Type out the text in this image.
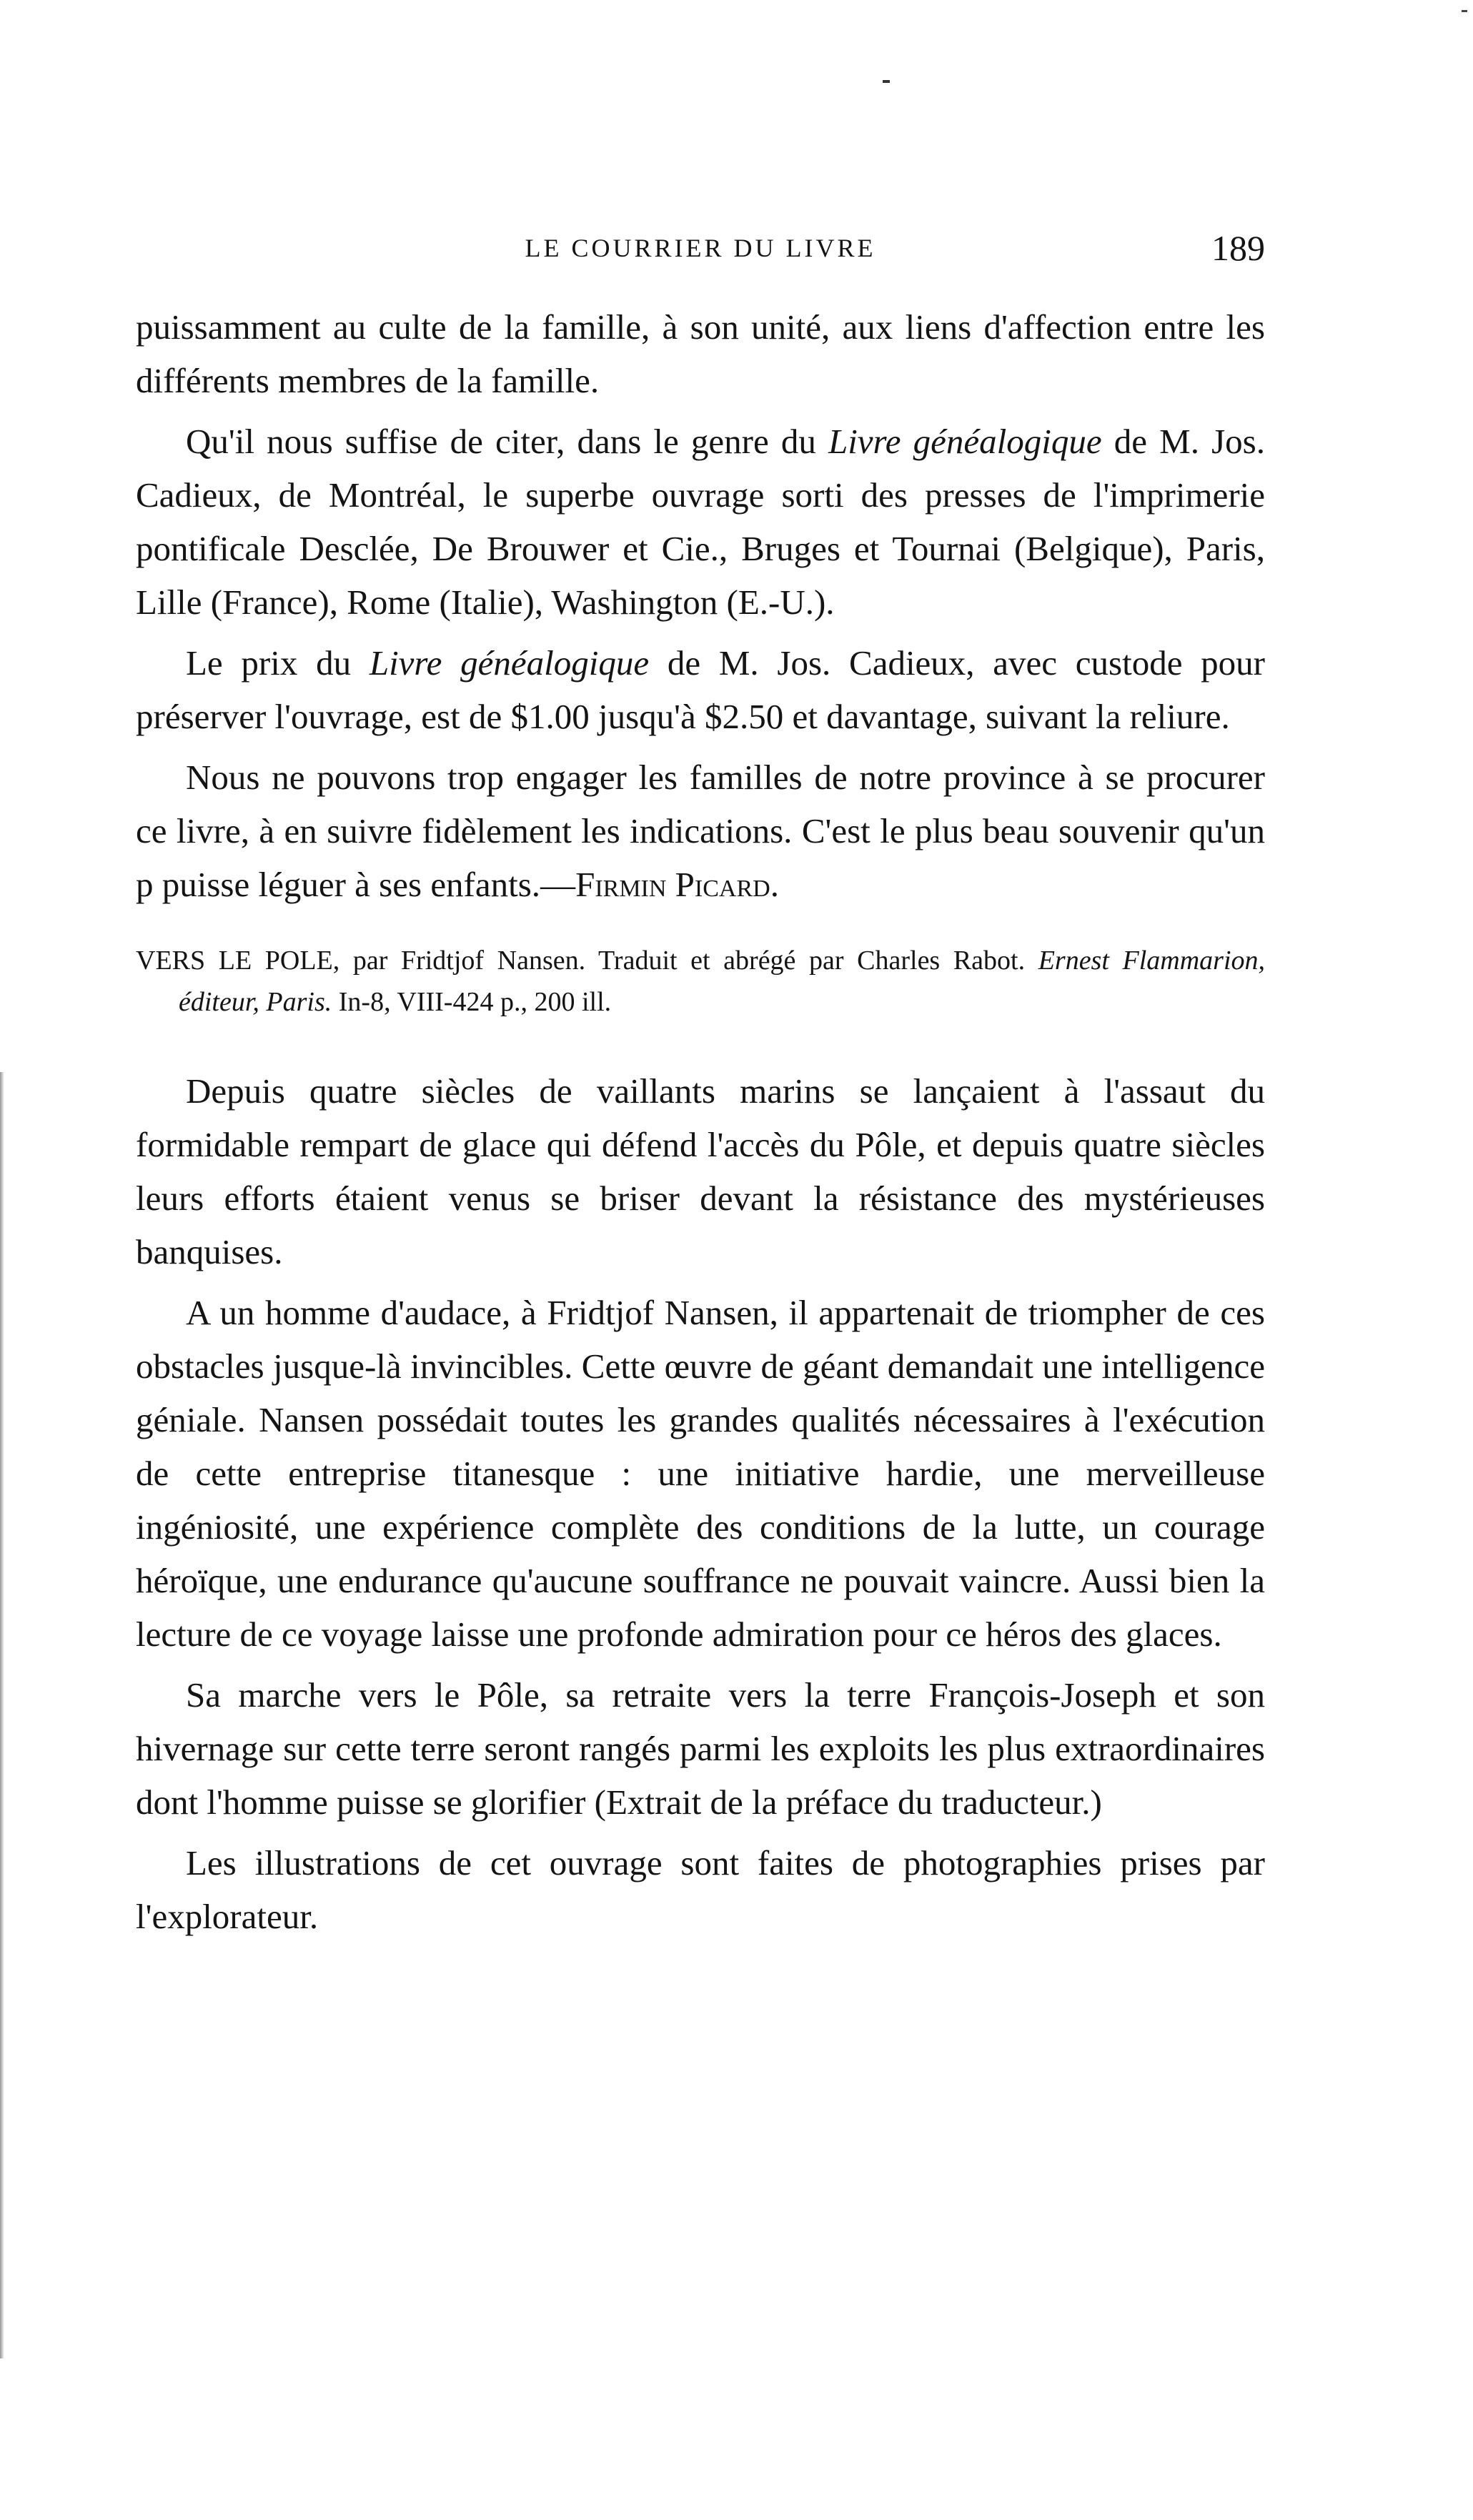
LE COURRIER DU LIVRE	189

puissamment au culte de la famille, à son unité, aux liens d'affection entre les différents membres de la famille.

Qu'il nous suffise de citer, dans le genre du Livre généalogique de M. Jos. Cadieux, de Montréal, le superbe ouvrage sorti des presses de l'imprimerie pontificale Desclée, De Brouwer et Cie., Bruges et Tournai (Belgique), Paris, Lille (France), Rome (Italie), Washington (E.-U.).

Le prix du Livre généalogique de M. Jos. Cadieux, avec custode pour préserver l'ouvrage, est de $1.00 jusqu'à $2.50 et davantage, suivant la reliure.

Nous ne pouvons trop engager les familles de notre province à se procurer ce livre, à en suivre fidèlement les indications. C'est le plus beau souvenir qu'un p puisse léguer à ses enfants.—Firmin Picard.

VERS LE POLE, par Fridtjof Nansen. Traduit et abrégé par Charles Rabot. Ernest Flammarion, éditeur, Paris. In-8, VIII-424 p., 200 ill.

Depuis quatre siècles de vaillants marins se lançaient à l'assaut du formidable rempart de glace qui défend l'accès du Pôle, et depuis quatre siècles leurs efforts étaient venus se briser devant la résistance des mystérieuses banquises.

A un homme d'audace, à Fridtjof Nansen, il appartenait de triompher de ces obstacles jusque-là invincibles. Cette œuvre de géant demandait une intelligence géniale. Nansen possédait toutes les grandes qualités nécessaires à l'exécution de cette entreprise titanesque : une initiative hardie, une merveilleuse ingéniosité, une expérience complète des conditions de la lutte, un courage héroïque, une endurance qu'aucune souffrance ne pouvait vaincre. Aussi bien la lecture de ce voyage laisse une profonde admiration pour ce héros des glaces.

Sa marche vers le Pôle, sa retraite vers la terre François-Joseph et son hivernage sur cette terre seront rangés parmi les exploits les plus extraordinaires dont l'homme puisse se glorifier (Extrait de la préface du traducteur.)

Les illustrations de cet ouvrage sont faites de photographies prises par l'explorateur.
